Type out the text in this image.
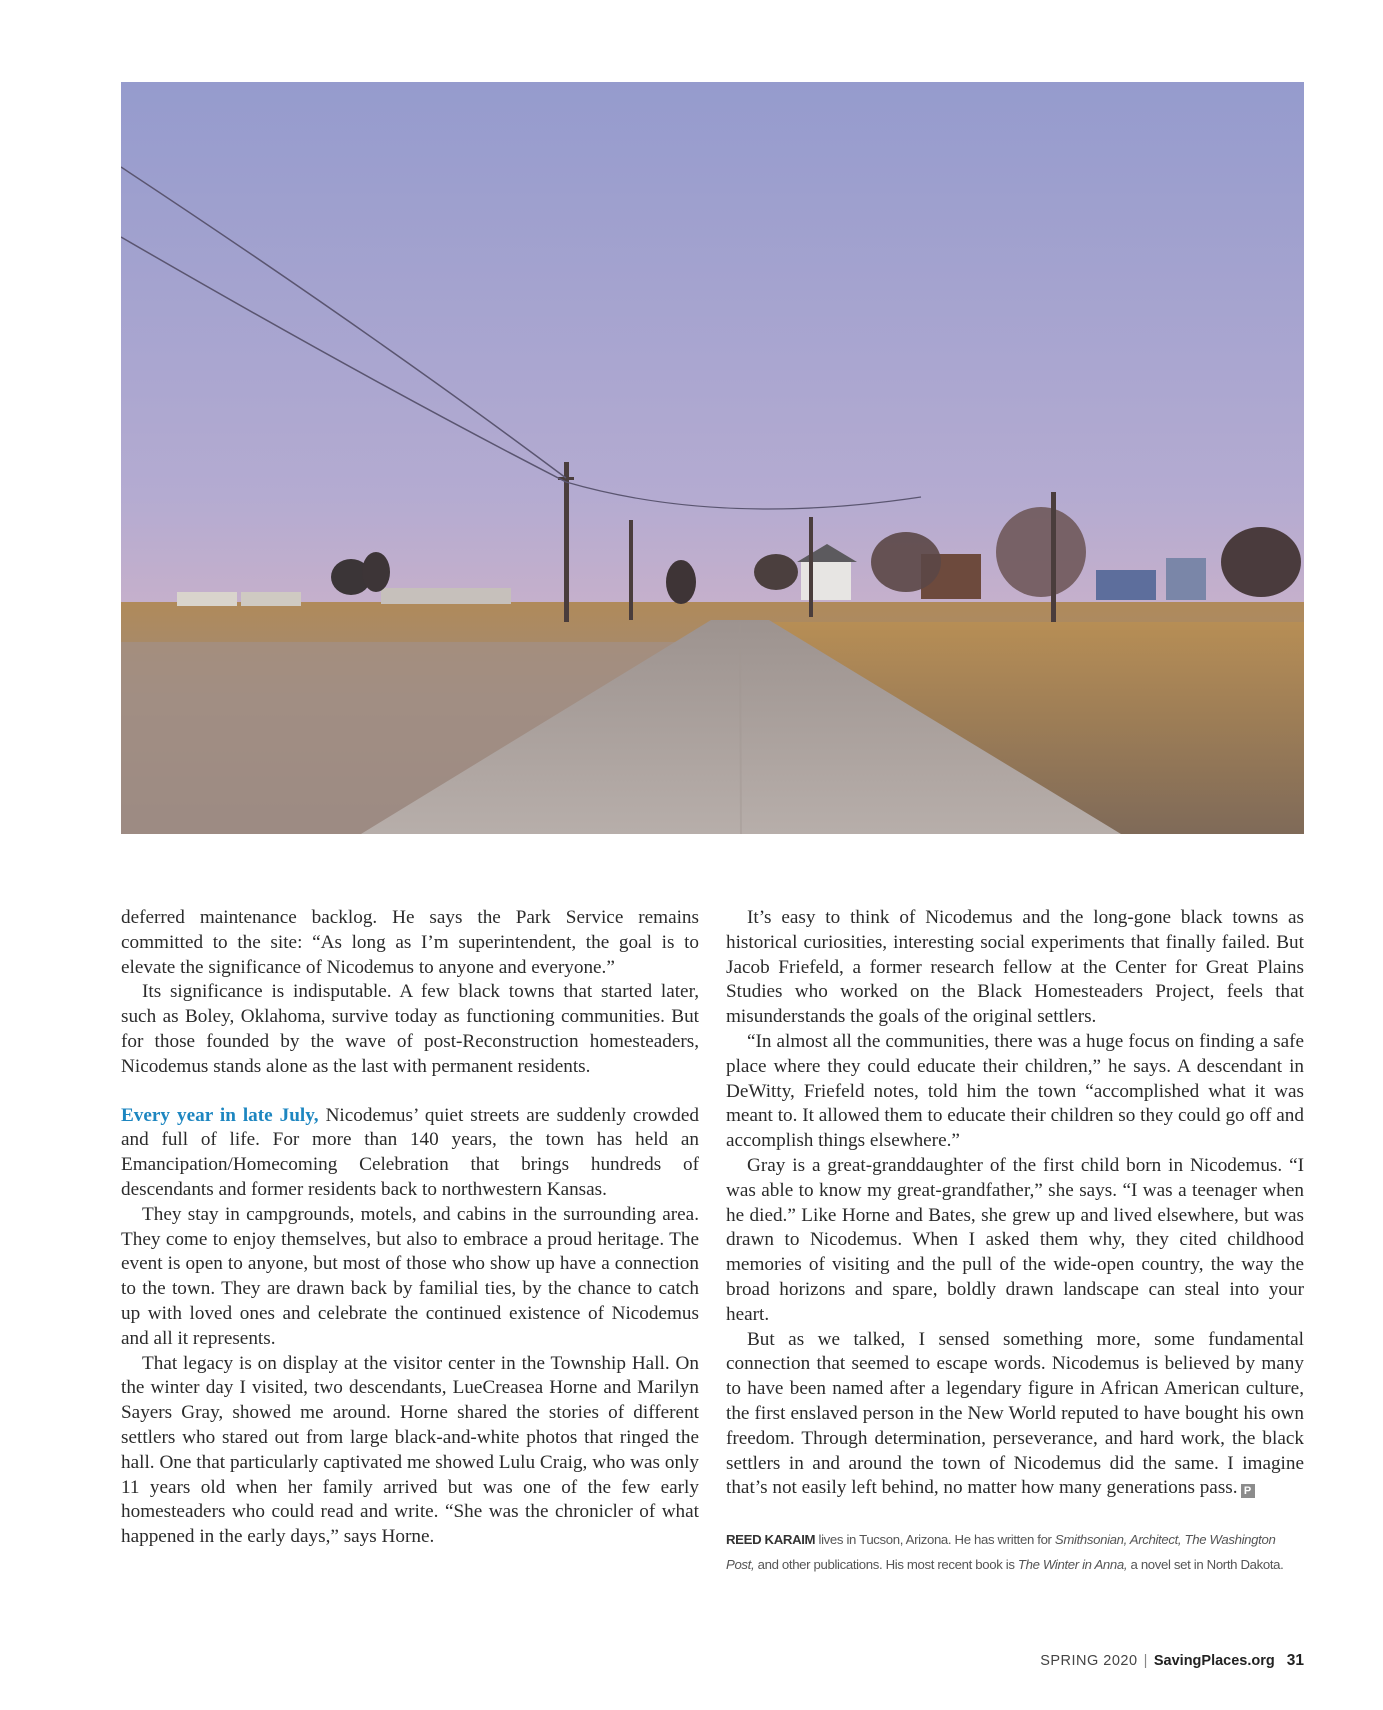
deferred maintenance backlog. He says the Park Service remains committed to the site: “As long as I’m superintendent, the goal is to elevate the significance of Nicodemus to anyone and everyone.”

Its significance is indisputable. A few black towns that started later, such as Boley, Oklahoma, survive today as functioning communities. But for those founded by the wave of post-Reconstruction homesteaders, Nicodemus stands alone as the last with permanent residents.

Every year in late July, Nicodemus’ quiet streets are suddenly crowded and full of life. For more than 140 years, the town has held an Emancipation/Homecoming Celebration that brings hundreds of descendants and former residents back to northwestern Kansas.

They stay in campgrounds, motels, and cabins in the surrounding area. They come to enjoy themselves, but also to embrace a proud heritage. The event is open to anyone, but most of those who show up have a connection to the town. They are drawn back by familial ties, by the chance to catch up with loved ones and celebrate the continued existence of Nicodemus and all it represents.

That legacy is on display at the visitor center in the Township Hall. On the winter day I visited, two descendants, LueCreasea Horne and Marilyn Sayers Gray, showed me around. Horne shared the stories of different settlers who stared out from large black-and-white photos that ringed the hall. One that particularly captivated me showed Lulu Craig, who was only 11 years old when her family arrived but was one of the few early homesteaders who could read and write. “She was the chronicler of what happened in the early days,” says Horne.

It’s easy to think of Nicodemus and the long-gone black towns as historical curiosities, interesting social experiments that finally failed. But Jacob Friefeld, a former research fellow at the Center for Great Plains Studies who worked on the Black Homesteaders Project, feels that misunderstands the goals of the original settlers.

“In almost all the communities, there was a huge focus on finding a safe place where they could educate their children,” he says. A descendant in DeWitty, Friefeld notes, told him the town “accomplished what it was meant to. It allowed them to educate their children so they could go off and accomplish things elsewhere.”

Gray is a great-granddaughter of the first child born in Nicodemus. “I was able to know my great-grandfather,” she says. “I was a teenager when he died.” Like Horne and Bates, she grew up and lived elsewhere, but was drawn to Nicodemus. When I asked them why, they cited childhood memories of visiting and the pull of the wide-open country, the way the broad horizons and spare, boldly drawn landscape can steal into your heart.

But as we talked, I sensed something more, some fundamental connection that seemed to escape words. Nicodemus is believed by many to have been named after a legendary figure in African American culture, the first enslaved person in the New World reputed to have bought his own freedom. Through determination, perseverance, and hard work, the black settlers in and around the town of Nicodemus did the same. I imagine that’s not easily left behind, no matter how many generations pass. P

REED KARAIM lives in Tucson, Arizona. He has written for Smithsonian, Architect, The Washington Post, and other publications. His most recent book is The Winter in Anna, a novel set in North Dakota.

SPRING 2020 | SavingPlaces.org 31
